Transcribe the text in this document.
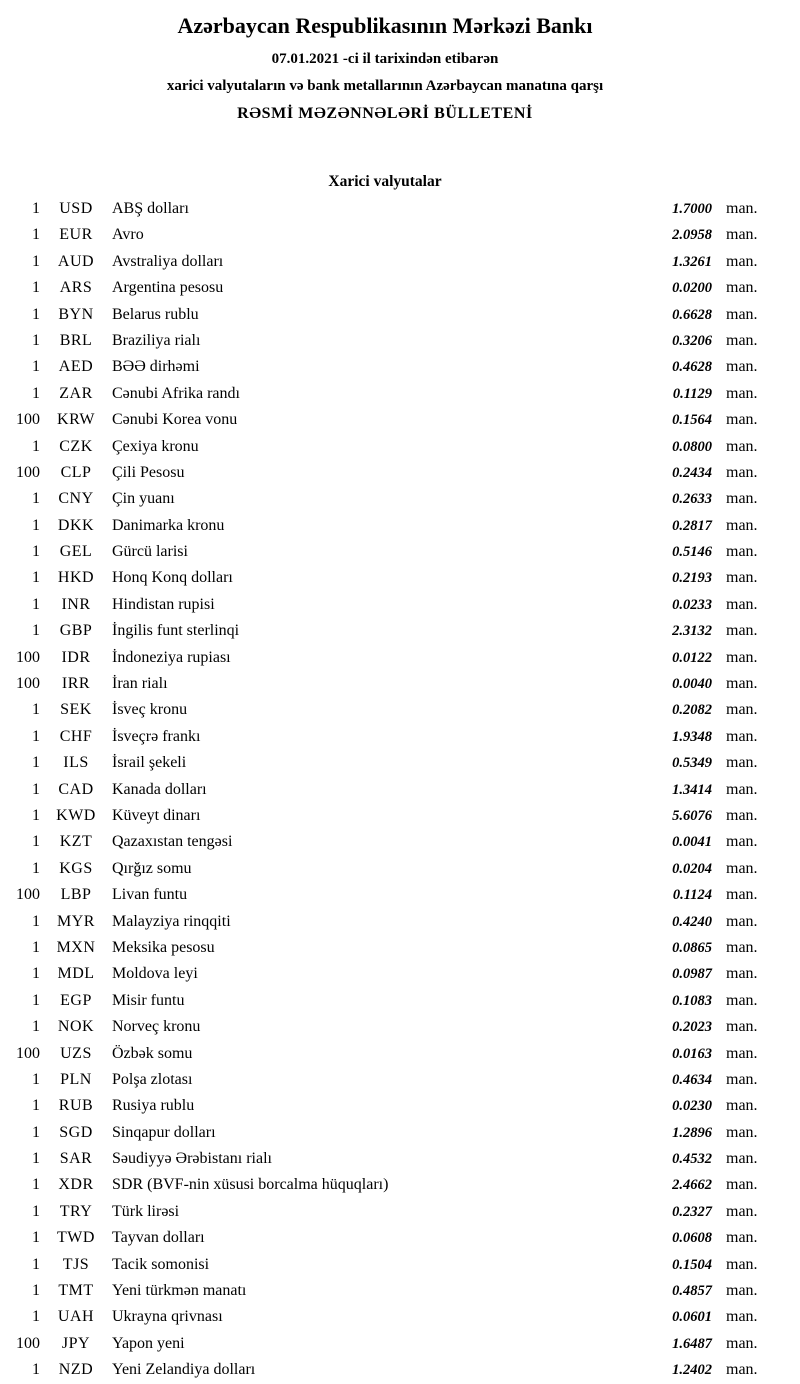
Azərbaycan Respublikasının Mərkəzi Bankı
07.01.2021 -ci il tarixindən etibarən
xarici valyutaların və bank metallarının Azərbaycan manatına qarşı
RƏSMİ MƏZƏNNƏLƏRİ BÜLLETENİ
Xarici valyutalar
1	USD	ABŞ dolları	1.7000 man.
1	EUR	Avro	2.0958 man.
1	AUD	Avstraliya dolları	1.3261 man.
1	ARS	Argentina pesosu	0.0200 man.
1	BYN	Belarus rublu	0.6628 man.
1	BRL	Braziliya rialı	0.3206 man.
1	AED	BƏƏ dirhəmi	0.4628 man.
1	ZAR	Cənubi Afrika randı	0.1129 man.
100	KRW	Cənubi Korea vonu	0.1564 man.
1	CZK	Çexiya kronu	0.0800 man.
100	CLP	Çili Pesosu	0.2434 man.
1	CNY	Çin yuanı	0.2633 man.
1	DKK	Danimarka kronu	0.2817 man.
1	GEL	Gürcü larisi	0.5146 man.
1	HKD	Honq Konq dolları	0.2193 man.
1	INR	Hindistan rupisi	0.0233 man.
1	GBP	İngilis funt sterlinqi	2.3132 man.
100	IDR	İndoneziya rupiası	0.0122 man.
100	IRR	İran rialı	0.0040 man.
1	SEK	İsveç kronu	0.2082 man.
1	CHF	İsveçrə frankı	1.9348 man.
1	ILS	İsrail şekeli	0.5349 man.
1	CAD	Kanada dolları	1.3414 man.
1	KWD	Küveyt dinarı	5.6076 man.
1	KZT	Qazaxıstan tengəsi	0.0041 man.
1	KGS	Qırğız somu	0.0204 man.
100	LBP	Livan funtu	0.1124 man.
1	MYR	Malayziya rinqqiti	0.4240 man.
1	MXN	Meksika pesosu	0.0865 man.
1	MDL	Moldova leyi	0.0987 man.
1	EGP	Misir funtu	0.1083 man.
1	NOK	Norveç kronu	0.2023 man.
100	UZS	Özbək somu	0.0163 man.
1	PLN	Polşa zlotası	0.4634 man.
1	RUB	Rusiya rublu	0.0230 man.
1	SGD	Sinqapur dolları	1.2896 man.
1	SAR	Səudiyyə Ərəbistanı rialı	0.4532 man.
1	XDR	SDR (BVF-nin xüsusi borcalma hüquqları)	2.4662 man.
1	TRY	Türk lirəsi	0.2327 man.
1	TWD	Tayvan dolları	0.0608 man.
1	TJS	Tacik somonisi	0.1504 man.
1	TMT	Yeni türkmən manatı	0.4857 man.
1	UAH	Ukrayna qrivnası	0.0601 man.
100	JPY	Yapon yeni	1.6487 man.
1	NZD	Yeni Zelandiya dolları	1.2402 man.
